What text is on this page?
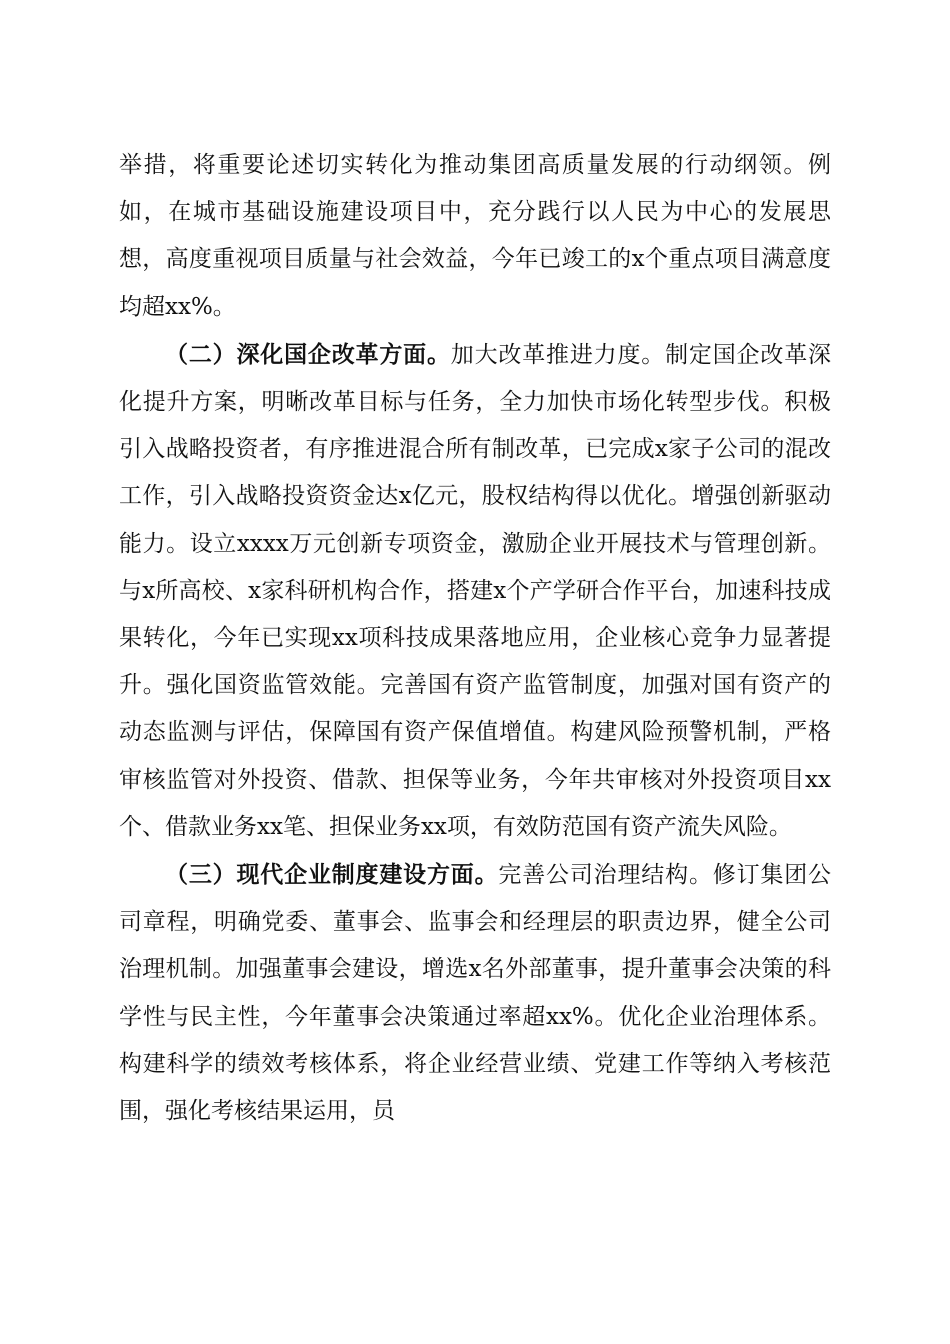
举措，将重要论述切实转化为推动集团高质量发展的行动纲领。例如，在城市基础设施建设项目中，充分践行以人民为中心的发展思想，高度重视项目质量与社会效益，今年已竣工的x个重点项目满意度均超xx%。

（二）深化国企改革方面。加大改革推进力度。制定国企改革深化提升方案，明晰改革目标与任务，全力加快市场化转型步伐。积极引入战略投资者，有序推进混合所有制改革，已完成x家子公司的混改工作，引入战略投资资金达x亿元，股权结构得以优化。增强创新驱动能力。设立xxxx万元创新专项资金，激励企业开展技术与管理创新。与x所高校、x家科研机构合作，搭建x个产学研合作平台，加速科技成果转化，今年已实现xx项科技成果落地应用，企业核心竞争力显著提升。强化国资监管效能。完善国有资产监管制度，加强对国有资产的动态监测与评估，保障国有资产保值增值。构建风险预警机制，严格审核监管对外投资、借款、担保等业务，今年共审核对外投资项目xx个、借款业务xx笔、担保业务xx项，有效防范国有资产流失风险。

（三）现代企业制度建设方面。完善公司治理结构。修订集团公司章程，明确党委、董事会、监事会和经理层的职责边界，健全公司治理机制。加强董事会建设，增选x名外部董事，提升董事会决策的科学性与民主性，今年董事会决策通过率超xx%。优化企业治理体系。构建科学的绩效考核体系，将企业经营业绩、党建工作等纳入考核范围，强化考核结果运用，员
